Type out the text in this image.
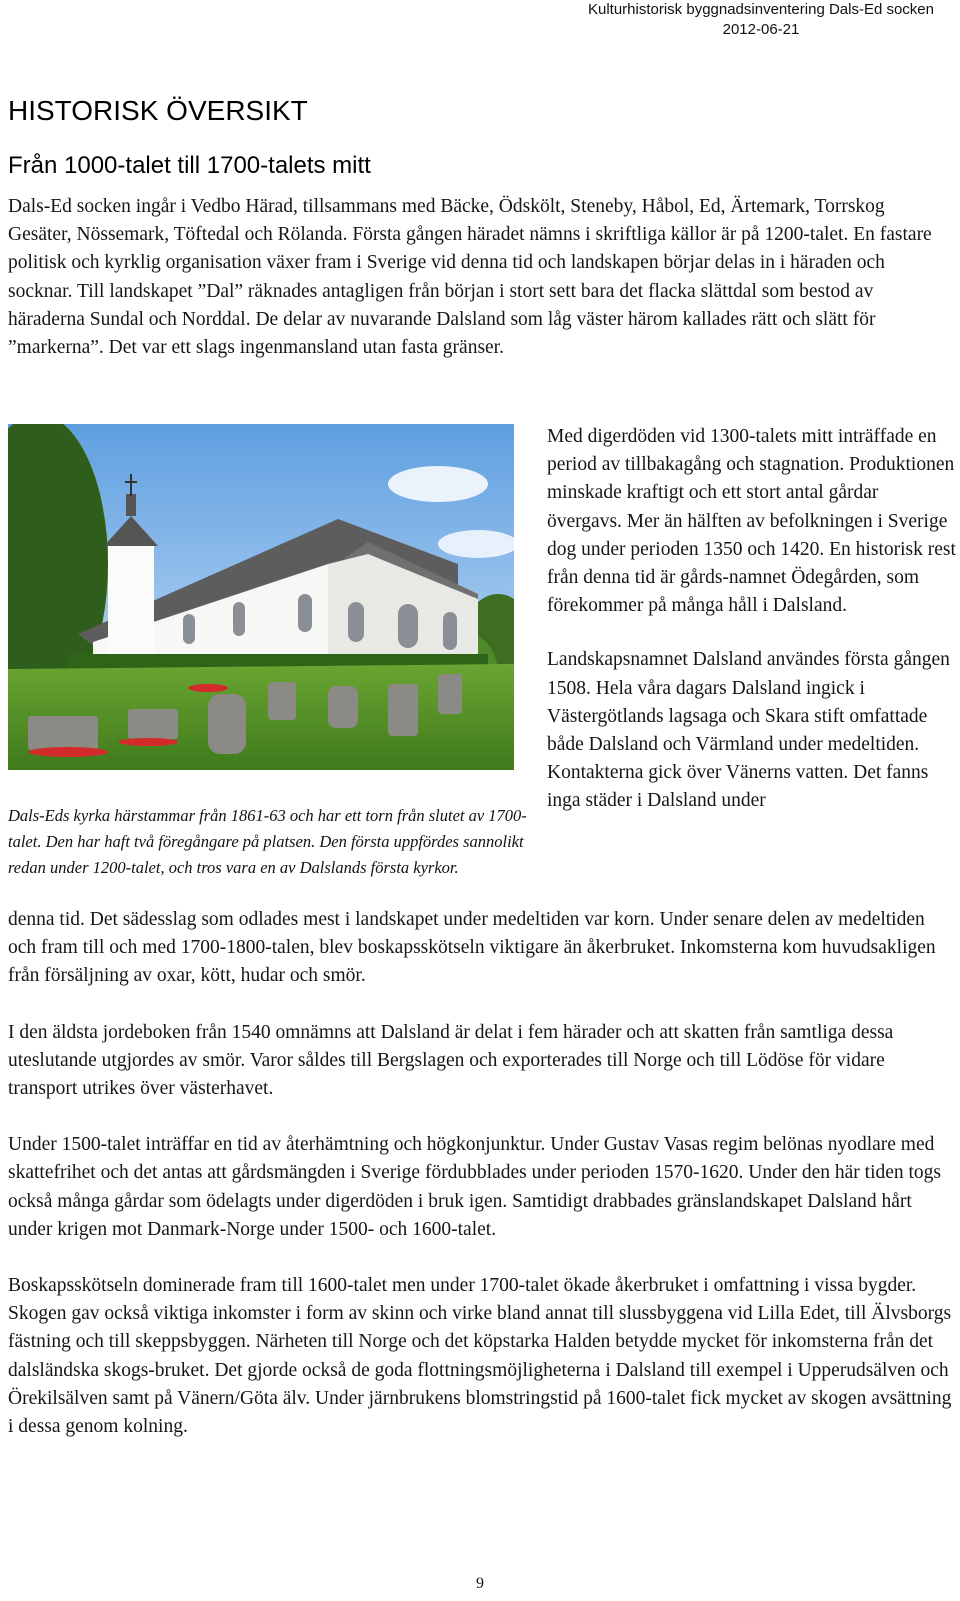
Kulturhistorisk byggnadsinventering Dals-Ed socken
2012-06-21
HISTORISK ÖVERSIKT
Från 1000-talet till 1700-talets mitt

Dals-Ed socken ingår i Vedbo Härad, tillsammans med Bäcke, Ödskölt, Steneby, Håbol, Ed, Ärtemark, Torrskog Gesäter, Nössemark, Töftedal och Rölanda. Första gången häradet nämns i skriftliga källor är på 1200-talet. En fastare politisk och kyrklig organisation växer fram i Sverige vid denna tid och landskapen börjar delas in i häraden och socknar. Till landskapet ”Dal” räknades antagligen från början i stort sett bara det flacka slättdal som bestod av häraderna Sundal och Norddal. De delar av nuvarande Dalsland som låg väster härom kallades rätt och slätt för ”markerna”. Det var ett slags ingenmansland utan fasta gränser.

Dals-Eds kyrka härstammar från 1861-63 och har ett torn från slutet av 1700-talet. Den har haft två föregångare på platsen. Den första uppfördes sannolikt redan under 1200-talet, och tros vara en av Dalslands första kyrkor.

Med digerdöden vid 1300-talets mitt inträffade en period av tillbakagång och stagnation. Produktionen minskade kraftigt och ett stort antal gårdar övergavs. Mer än hälften av befolkningen i Sverige dog under perioden 1350 och 1420. En historisk rest från denna tid är gårds-namnet Ödegården, som förekommer på många håll i Dalsland.

Landskapsnamnet Dalsland användes första gången 1508. Hela våra dagars Dalsland ingick i Västergötlands lagsaga och Skara stift omfattade både Dalsland och Värmland under medeltiden. Kontakterna gick över Vänerns vatten. Det fanns inga städer i Dalsland under

denna tid. Det sädesslag som odlades mest i landskapet under medeltiden var korn. Under senare delen av medeltiden och fram till och med 1700-1800-talen, blev boskapsskötseln viktigare än åkerbruket. Inkomsterna kom huvudsakligen från försäljning av oxar, kött, hudar och smör.

I den äldsta jordeboken från 1540 omnämns att Dalsland är delat i fem härader och att skatten från samtliga dessa uteslutande utgjordes av smör. Varor såldes till Bergslagen och exporterades till Norge och till Lödöse för vidare transport utrikes över västerhavet.

Under 1500-talet inträffar en tid av återhämtning och högkonjunktur. Under Gustav Vasas regim belönas nyodlare med skattefrihet och det antas att gårdsmängden i Sverige fördubblades under perioden 1570-1620. Under den här tiden togs också många gårdar som ödelagts under digerdöden i bruk igen. Samtidigt drabbades gränslandskapet Dalsland hårt under krigen mot Danmark-Norge under 1500- och 1600-talet.

Boskapsskötseln dominerade fram till 1600-talet men under 1700-talet ökade åkerbruket i omfattning i vissa bygder. Skogen gav också viktiga inkomster i form av skinn och virke bland annat till slussbyggena vid Lilla Edet, till Älvsborgs fästning och till skeppsbyggen. Närheten till Norge och det köpstarka Halden betydde mycket för inkomsterna från det dalsländska skogs-bruket. Det gjorde också de goda flottningsmöjligheterna i Dalsland till exempel i Upperudsälven och Örekilsälven samt på Vänern/Göta älv. Under järnbrukens blomstringstid på 1600-talet fick mycket av skogen avsättning i dessa genom kolning.

9
